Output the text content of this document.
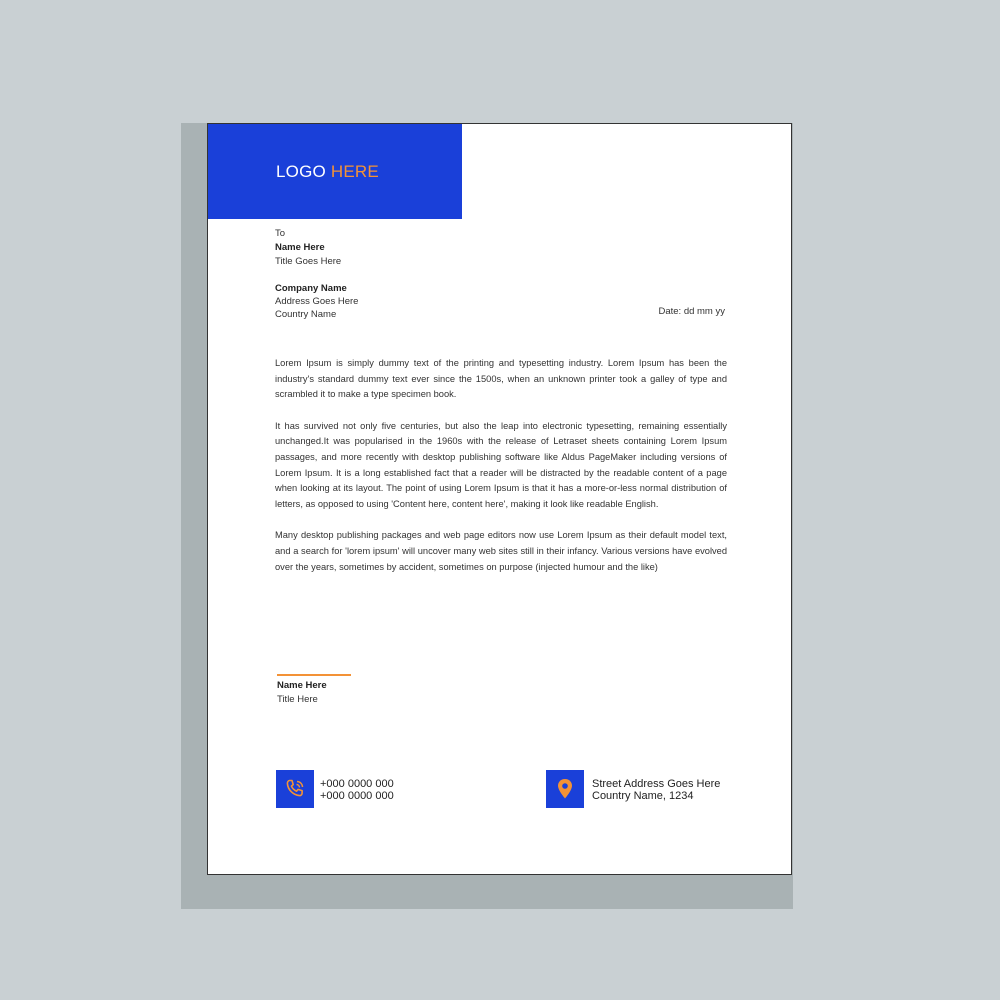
LOGO HERE
To
Name Here
Title Goes Here
Company Name
Address Goes Here
Country Name	Date: dd mm yy

Lorem Ipsum is simply dummy text of the printing and typesetting industry. Lorem Ipsum has been the industry's standard dummy text ever since the 1500s, when an unknown printer took a galley of type and scrambled it to make a type specimen book.

It has survived not only five centuries, but also the leap into electronic typesetting, remaining essentially unchanged.It was popularised in the 1960s with the release of Letraset sheets containing Lorem Ipsum passages, and more recently with desktop publishing software like Aldus PageMaker including versions of Lorem Ipsum. It is a long established fact that a reader will be distracted by the readable content of a page when looking at its layout. The point of using Lorem Ipsum is that it has a more-or-less normal distribution of letters, as opposed to using 'Content here, content here', making it look like readable English.

Many desktop publishing packages and web page editors now use Lorem Ipsum as their default model text, and a search for 'lorem ipsum' will uncover many web sites still in their infancy. Various versions have evolved over the years, sometimes by accident, sometimes on purpose (injected humour and the like)

Name Here
Title Here
+000 0000 000
+000 0000 000
Street Address Goes Here
Country Name, 1234
